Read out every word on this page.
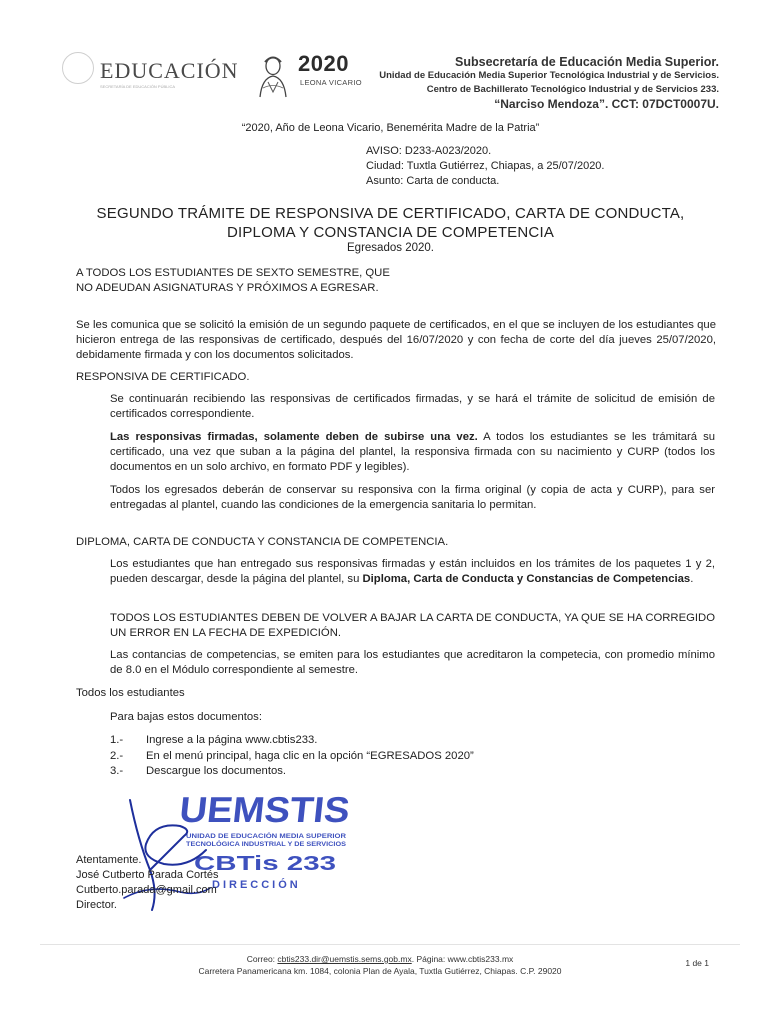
EDUCACIÓN
SECRETARÍA DE EDUCACIÓN PÚBLICA
2020
LEONA VICARIO
Subsecretaría de Educación Media Superior.
Unidad de Educación Media Superior Tecnológica Industrial y de Servicios.
Centro de Bachillerato Tecnológico Industrial y de Servicios 233.
“Narciso Mendoza”. CCT: 07DCT0007U.
“2020, Año de Leona Vicario, Benemérita Madre de la Patria”
AVISO: D233-A023/2020.
Ciudad: Tuxtla Gutiérrez, Chiapas, a 25/07/2020.
Asunto: Carta de conducta.
SEGUNDO TRÁMITE DE RESPONSIVA DE CERTIFICADO, CARTA DE CONDUCTA,
DIPLOMA Y CONSTANCIA DE COMPETENCIA
Egresados 2020.
A TODOS LOS ESTUDIANTES DE SEXTO SEMESTRE, QUE NO ADEUDAN ASIGNATURAS Y PRÓXIMOS A EGRESAR.
Se les comunica que se solicitó la emisión de un segundo paquete de certificados, en el que se incluyen de los estudiantes que hicieron entrega de las responsivas de certificado, después del 16/07/2020 y con fecha de corte del día jueves 25/07/2020, debidamente firmada y con los documentos solicitados.
RESPONSIVA DE CERTIFICADO.
Se continuarán recibiendo las responsivas de certificados firmadas, y se hará el trámite de solicitud de emisión de certificados correspondiente.
Las responsivas firmadas, solamente deben de subirse una vez. A todos los estudiantes se les trámitará su certificado, una vez que suban a la página del plantel, la responsiva firmada con su nacimiento y CURP (todos los documentos en un solo archivo, en formato PDF y legibles).
Todos los egresados deberán de conservar su responsiva con la firma original (y copia de acta y CURP), para ser entregadas al plantel, cuando las condiciones de la emergencia sanitaria lo permitan.
DIPLOMA, CARTA DE CONDUCTA Y CONSTANCIA DE COMPETENCIA.
Los estudiantes que han entregado sus responsivas firmadas y están incluidos en los trámites de los paquetes 1 y 2, pueden descargar, desde la página del plantel, su Diploma, Carta de Conducta y Constancias de Competencias.
TODOS LOS ESTUDIANTES DEBEN DE VOLVER A BAJAR LA CARTA DE CONDUCTA, YA QUE SE HA CORREGIDO UN ERROR EN LA FECHA DE EXPEDICIÓN.
Las contancias de competencias, se emiten para los estudiantes que acreditaron la competecia, con promedio mínimo de 8.0 en el Módulo correspondiente al semestre.
Todos los estudiantes
Para bajas estos documentos:
1.- Ingrese a la página www.cbtis233.
2.- En el menú principal, haga clic en la opción “EGRESADOS 2020”
3.- Descargue los documentos.
UEMSTIS
UNIDAD DE EDUCACIÓN MEDIA SUPERIOR
TECNOLÓGICA INDUSTRIAL Y DE SERVICIOS
CBTis 233
DIRECCIÓN
Atentamente.
José Cutberto Parada Cortés
Cutberto.parada@gmail.com
Director.
Correo: cbtis233.dir@uemstis.sems.gob.mx. Página: www.cbtis233.mx
Carretera Panamericana km. 1084, colonia Plan de Ayala, Tuxtla Gutiérrez, Chiapas. C.P. 29020
1 de 1
